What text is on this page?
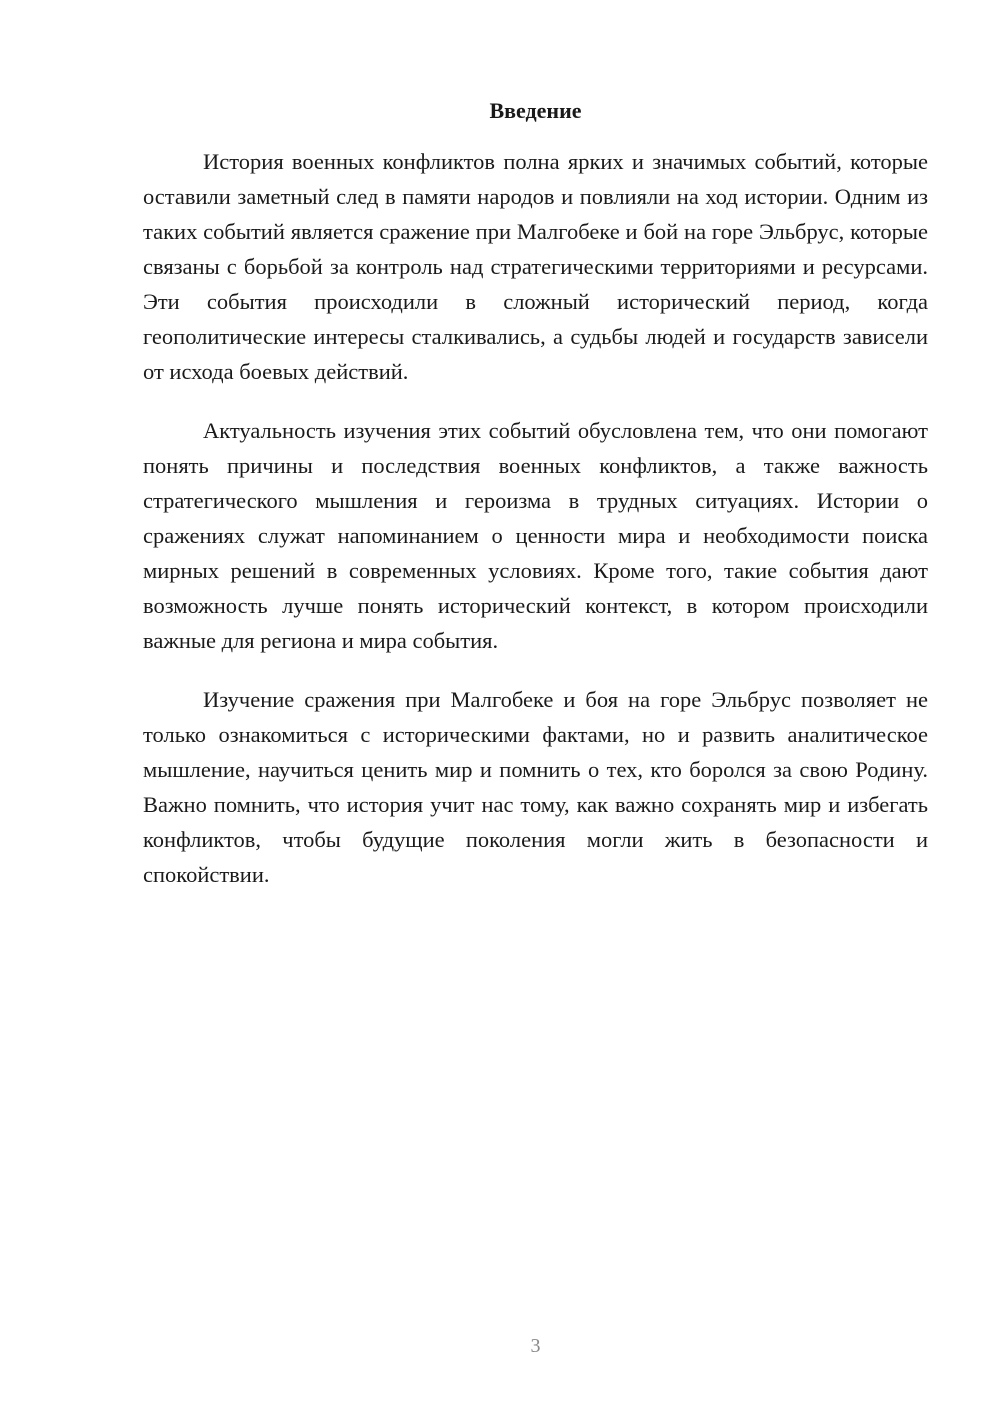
Введение

История военных конфликтов полна ярких и значимых событий, которые оставили заметный след в памяти народов и повлияли на ход истории. Одним из таких событий является сражение при Малгобеке и бой на горе Эльбрус, которые связаны с борьбой за контроль над стратегическими территориями и ресурсами. Эти события происходили в сложный исторический период, когда геополитические интересы сталкивались, а судьбы людей и государств зависели от исхода боевых действий.

Актуальность изучения этих событий обусловлена тем, что они помогают понять причины и последствия военных конфликтов, а также важность стратегического мышления и героизма в трудных ситуациях. Истории о сражениях служат напоминанием о ценности мира и необходимости поиска мирных решений в современных условиях. Кроме того, такие события дают возможность лучше понять исторический контекст, в котором происходили важные для региона и мира события.

Изучение сражения при Малгобеке и боя на горе Эльбрус позволяет не только ознакомиться с историческими фактами, но и развить аналитическое мышление, научиться ценить мир и помнить о тех, кто боролся за свою Родину. Важно помнить, что история учит нас тому, как важно сохранять мир и избегать конфликтов, чтобы будущие поколения могли жить в безопасности и спокойствии.

3
